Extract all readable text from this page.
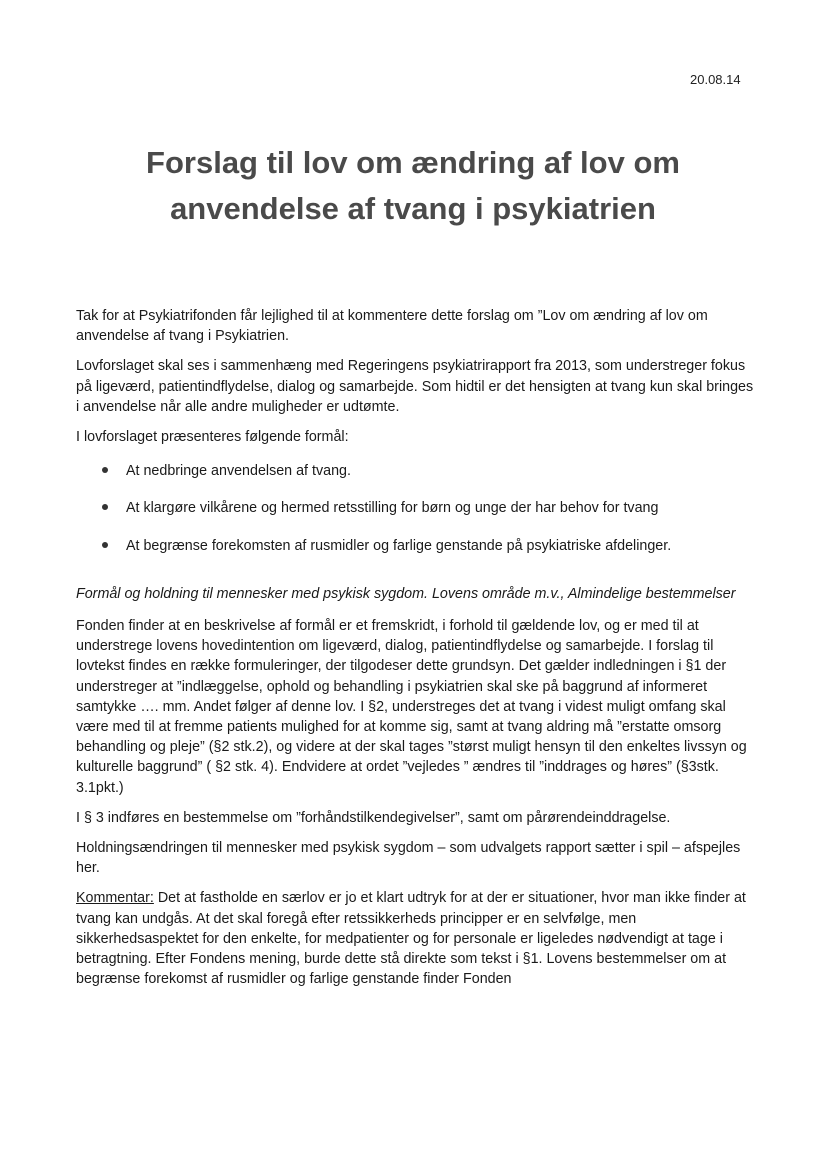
20.08.14
Forslag til lov om ændring af lov om
anvendelse af tvang i psykiatrien

Tak for at Psykiatrifonden får lejlighed til at kommentere dette forslag om ”Lov om ændring af lov om anvendelse af tvang i Psykiatrien.

Lovforslaget skal ses i sammenhæng med Regeringens psykiatrirapport fra 2013, som understreger fokus på ligeværd, patientindflydelse, dialog og samarbejde. Som hidtil er det hensigten at tvang kun skal bringes i anvendelse når alle andre muligheder er udtømte.

I lovforslaget præsenteres følgende formål:

At nedbringe anvendelsen af tvang.
At klargøre vilkårene og hermed retsstilling for børn og unge der har behov for tvang
At begrænse forekomsten af rusmidler og farlige genstande på psykiatriske afdelinger.

Formål og holdning til mennesker med psykisk sygdom. Lovens område m.v., Almindelige bestemmelser

Fonden finder at en beskrivelse af formål er et fremskridt, i forhold til gældende lov, og er med til at understrege lovens hovedintention om ligeværd, dialog, patientindflydelse og samarbejde. I forslag til lovtekst findes en række formuleringer, der tilgodeser dette grundsyn. Det gælder indledningen i §1 der understreger at ”indlæggelse, ophold og behandling i psykiatrien skal ske på baggrund af informeret samtykke …. mm. Andet følger af denne lov. I §2, understreges det at tvang i videst muligt omfang skal være med til at fremme patients mulighed for at komme sig, samt at tvang aldring må ”erstatte omsorg behandling og pleje” (§2 stk.2), og videre at der skal tages ”størst muligt hensyn til den enkeltes livssyn og kulturelle baggrund” ( §2 stk. 4). Endvidere at ordet ”vejledes ” ændres til ”inddrages og høres” (§3stk. 3.1pkt.)

I § 3 indføres en bestemmelse om ”forhåndstilkendegivelser”, samt om pårørendeinddragelse.

Holdningsændringen til mennesker med psykisk sygdom – som udvalgets rapport sætter i spil – afspejles her.

Kommentar: Det at fastholde en særlov er jo et klart udtryk for at der er situationer, hvor man ikke finder at tvang kan undgås. At det skal foregå efter retssikkerheds principper er en selvfølge, men sikkerhedsaspektet for den enkelte, for medpatienter og for personale er ligeledes nødvendigt at tage i betragtning. Efter Fondens mening, burde dette stå direkte som tekst i §1. Lovens bestemmelser om at begrænse forekomst af rusmidler og farlige genstande finder Fonden
